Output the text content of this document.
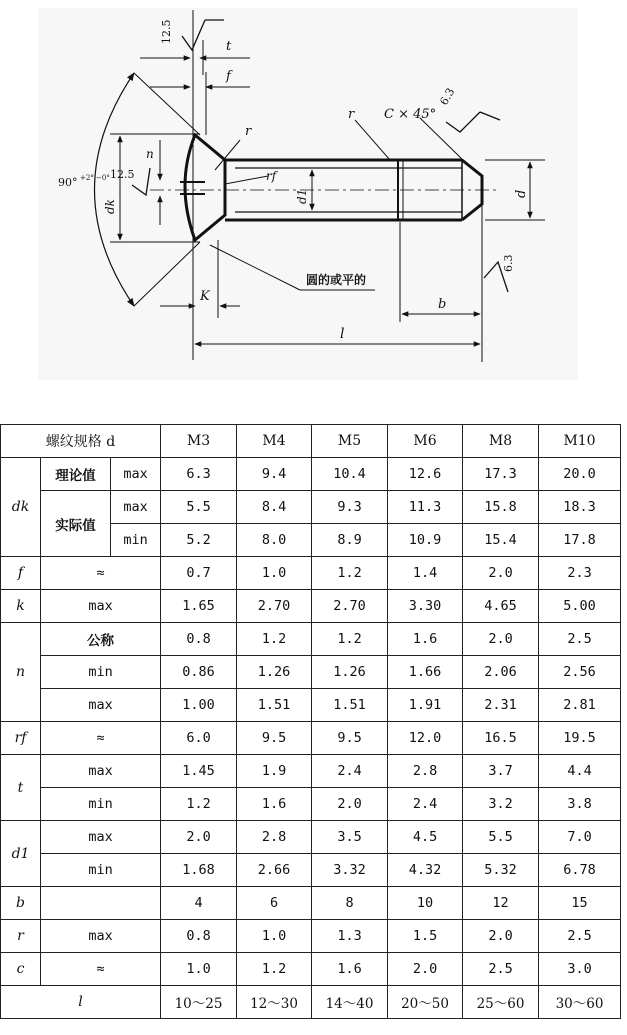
12.5
t
f
r
r C × 45°
6.3
12.5
90° +2° −0°
n
dk
rf
d1	d
6.3
圆的或平的
K
b
l
螺纹规格 d			M3	M4	M5	M6	M8	M10
dk	理论值	max	6.3	9.4	10.4	12.6	17.3	20.0
	实际值	max	5.5	8.4	9.3	11.3	15.8	18.3
		min	5.2	8.0	8.9	10.9	15.4	17.8
f	≈		0.7	1.0	1.2	1.4	2.0	2.3
k	max		1.65	2.70	2.70	3.30	4.65	5.00
n	公称		0.8	1.2	1.2	1.6	2.0	2.5
	min		0.86	1.26	1.26	1.66	2.06	2.56
	max		1.00	1.51	1.51	1.91	2.31	2.81
rf	≈		6.0	9.5	9.5	12.0	16.5	19.5
t	max		1.45	1.9	2.4	2.8	3.7	4.4
	min		1.2	1.6	2.0	2.4	3.2	3.8
d1	max		2.0	2.8	3.5	4.5	5.5	7.0
	min		1.68	2.66	3.32	4.32	5.32	6.78
b			4	6	8	10	12	15
r	max		0.8	1.0	1.3	1.5	2.0	2.5
c	≈		1.0	1.2	1.6	2.0	2.5	3.0
l			10～25	12～30	14～40	20～50	25～60	30～60
